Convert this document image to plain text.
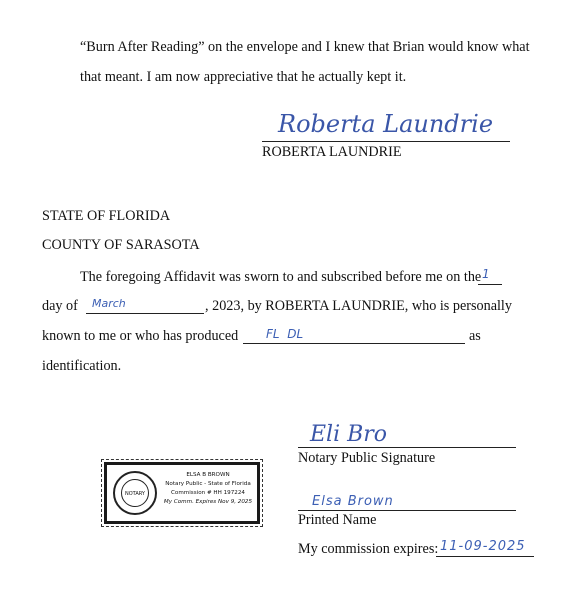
“Burn After Reading” on the envelope and I knew that Brian would know what
that meant. I am now appreciative that he actually kept it.
Roberta Laundrie
ROBERTA LAUNDRIE
STATE OF FLORIDA
COUNTY OF SARASOTA
The foregoing Affidavit was sworn to and subscribed before me on the 1
day of March	, 2023, by ROBERTA LAUNDRIE, who is personally
known to me or who has produced FL  DL	as
identification.
Eli Bro
Notary Public Signature
Elsa Brown
Printed Name
My commission expires: 11-09-2025
NOTARY
ELSA B BROWN
Notary Public - State of Florida
Commission # HH 197224
My Comm. Expires Nov 9, 2025
